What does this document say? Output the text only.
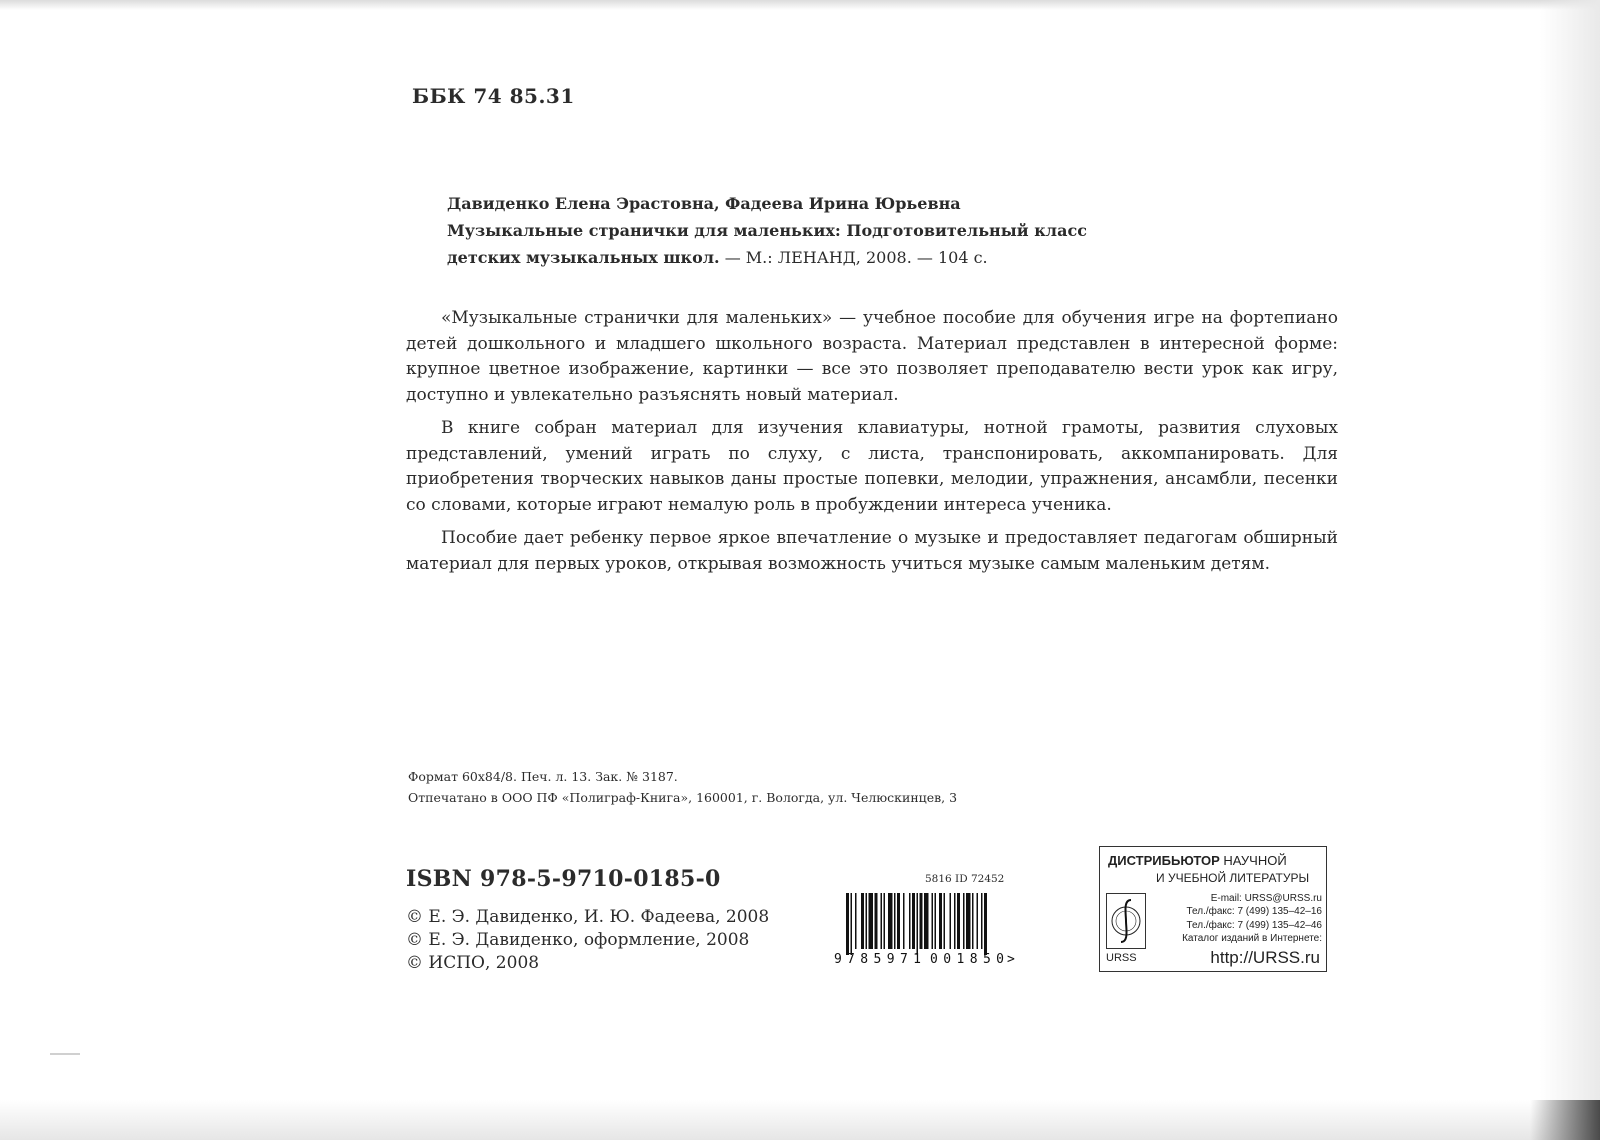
ББК 74 85.31
Давиденко Елена Эрастовна, Фадеева Ирина Юрьевна
Музыкальные странички для маленьких: Подготовительный класс
детских музыкальных школ. — М.: ЛЕНАНД, 2008. — 104 с.

«Музыкальные странички для маленьких» — учебное пособие для обучения игре на фортепиано детей дошкольного и младшего школьного возраста. Материал представлен в интересной форме: крупное цветное изображение, картинки — все это позволяет преподавателю вести урок как игру, доступно и увлекательно разъяснять новый материал.

В книге собран материал для изучения клавиатуры, нотной грамоты, развития слуховых представлений, умений играть по слуху, с листа, транспонировать, аккомпанировать. Для приобретения творческих навыков даны простые попевки, мелодии, упражнения, ансамбли, песенки со словами, которые играют немалую роль в пробуждении интереса ученика.

Пособие дает ребенку первое яркое впечатление о музыке и предоставляет педагогам обширный материал для первых уроков, открывая возможность учиться музыке самым маленьким детям.

Формат 60x84/8. Печ. л. 13. Зак. № 3187.
Отпечатано в ООО ПФ «Полиграф-Книга», 160001, г. Вологда, ул. Челюскинцев, 3
ISBN 978-5-9710-0185-0
© Е. Э. Давиденко, И. Ю. Фадеева, 2008
© Е. Э. Давиденко, оформление, 2008
© ИСПО, 2008
5816 ID 72452
9 785971 001850 >
ДИСТРИБЬЮТОР НАУЧНОЙ
И УЧЕБНОЙ ЛИТЕРАТУРЫ
URSS
E-mail: URSS@URSS.ru
Тел./факс: 7 (499) 135–42–16
Тел./факс: 7 (499) 135–42–46
Каталог изданий в Интернете:
http://URSS.ru
